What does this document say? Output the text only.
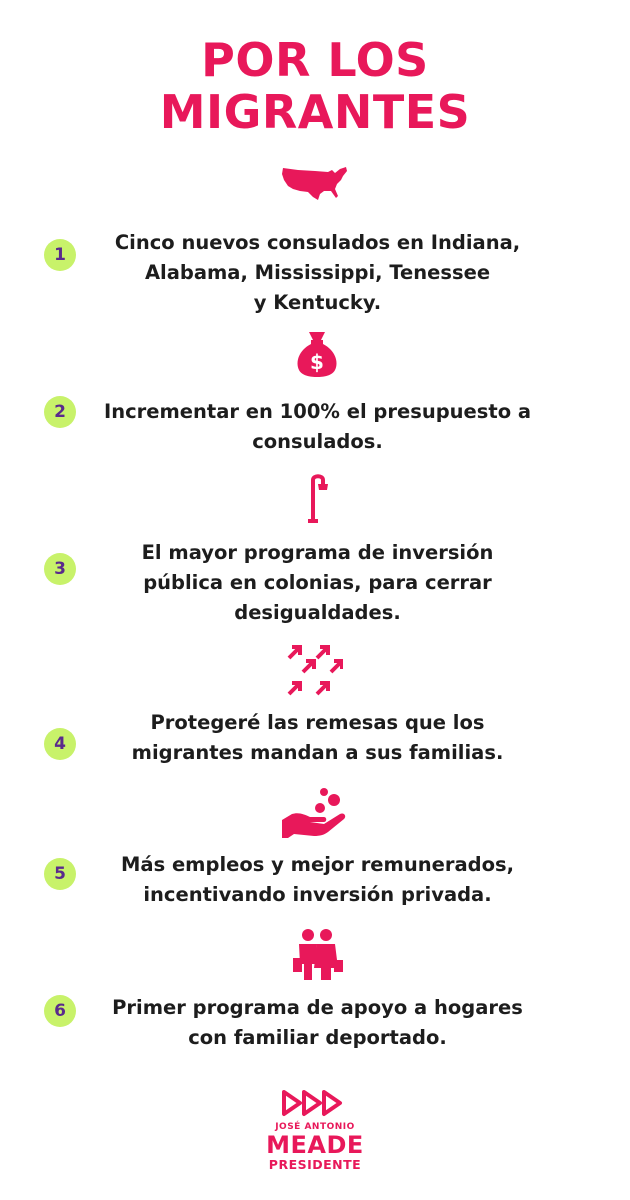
POR LOS
MIGRANTES
1
Cinco nuevos consulados en Indiana,
Alabama, Mississippi, Tenessee
y Kentucky.
$
2	Incrementar en 100% el presupuesto a
consulados.
3
El mayor programa de inversión
pública en colonias, para cerrar
desigualdades.
4
Protegeré las remesas que los
migrantes mandan a sus familias.
5	Más empleos y mejor remunerados,
incentivando inversión privada.
6	Primer programa de apoyo a hogares
con familiar deportado.
JOSÉ ANTONIO
MEADE
PRESIDENTE
